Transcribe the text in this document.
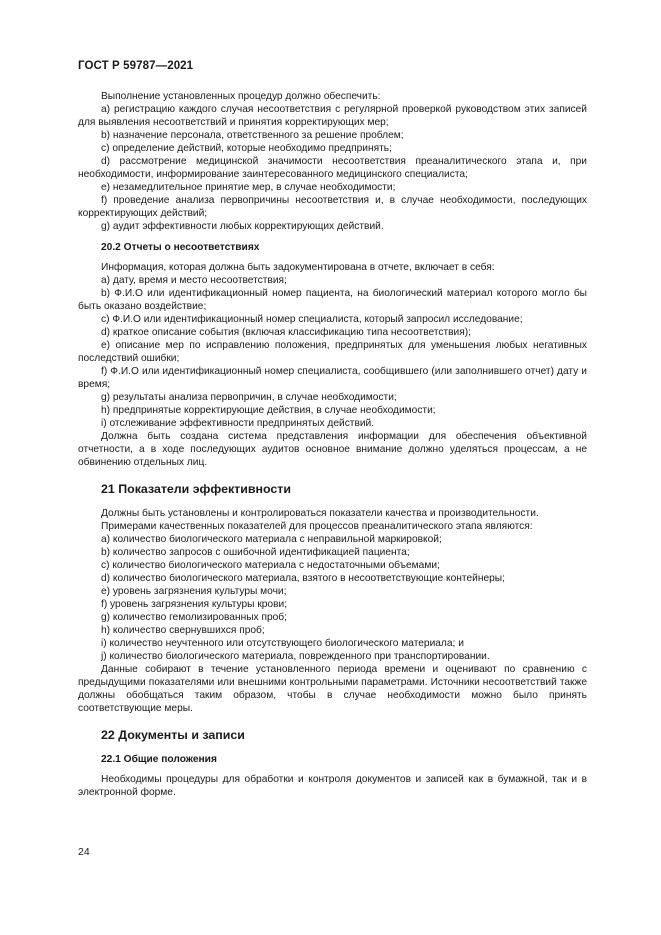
ГОСТ Р 59787—2021

Выполнение установленных процедур должно обеспечить:

a) регистрацию каждого случая несоответствия с регулярной проверкой руководством этих записей для выявления несоответствий и принятия корректирующих мер;

b) назначение персонала, ответственного за решение проблем;

c) определение действий, которые необходимо предпринять;

d) рассмотрение медицинской значимости несоответствия преаналитического этапа и, при необходимости, информирование заинтересованного медицинского специалиста;

e) незамедлительное принятие мер, в случае необходимости;

f) проведение анализа первопричины несоответствия и, в случае необходимости, последующих корректирующих действий;

g) аудит эффективности любых корректирующих действий.

20.2 Отчеты о несоответствиях

Информация, которая должна быть задокументирована в отчете, включает в себя:

a) дату, время и место несоответствия;

b) Ф.И.О или идентификационный номер пациента, на биологический материал которого могло бы быть оказано воздействие;

c) Ф.И.О или идентификационный номер специалиста, который запросил исследование;

d) краткое описание события (включая классификацию типа несоответствия);

e) описание мер по исправлению положения, предпринятых для уменьшения любых негативных последствий ошибки;

f) Ф.И.О или идентификационный номер специалиста, сообщившего (или заполнившего отчет) дату и время;

g) результаты анализа первопричин, в случае необходимости;

h) предпринятые корректирующие действия, в случае необходимости;

i) отслеживание эффективности предпринятых действий.

Должна быть создана система представления информации для обеспечения объективной отчетности, а в ходе последующих аудитов основное внимание должно уделяться процессам, а не обвинению отдельных лиц.

21 Показатели эффективности

Должны быть установлены и контролироваться показатели качества и производительности.

Примерами качественных показателей для процессов преаналитического этапа являются:

a) количество биологического материала с неправильной маркировкой;

b) количество запросов с ошибочной идентификацией пациента;

c) количество биологического материала с недостаточными объемами;

d) количество биологического материала, взятого в несоответствующие контейнеры;

e) уровень загрязнения культуры мочи;

f) уровень загрязнения культуры крови;

g) количество гемолизированных проб;

h) количество свернувшихся проб;

i) количество неучтенного или отсутствующего биологического материала; и

j) количество биологического материала, поврежденного при транспортировании.

Данные собирают в течение установленного периода времени и оценивают по сравнению с предыдущими показателями или внешними контрольными параметрами. Источники несоответствий также должны обобщаться таким образом, чтобы в случае необходимости можно было принять соответствующие меры.

22 Документы и записи
22.1 Общие положения

Необходимы процедуры для обработки и контроля документов и записей как в бумажной, так и в электронной форме.

24
